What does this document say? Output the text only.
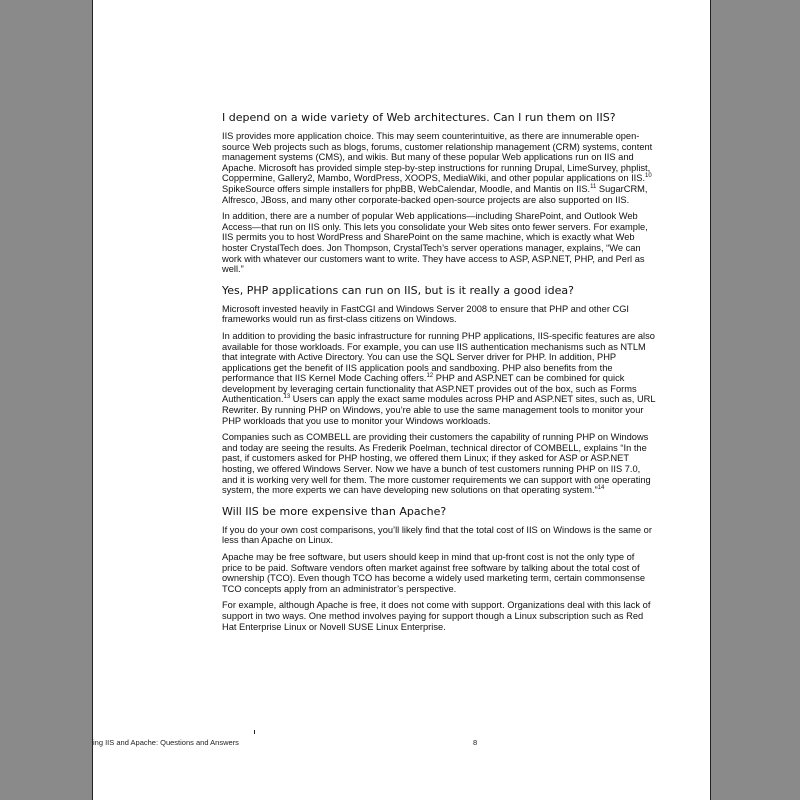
I depend on a wide variety of Web architectures. Can I run them on IIS?

IIS provides more application choice. This may seem counterintuitive, as there are innumerable open-source Web projects such as blogs, forums, customer relationship management (CRM) systems, content management systems (CMS), and wikis. But many of these popular Web applications run on IIS and Apache. Microsoft has provided simple step-by-step instructions for running Drupal, LimeSurvey, phplist, Coppermine, Gallery2, Mambo, WordPress, XOOPS, MediaWiki, and other popular applications on IIS.$^{10}$ SpikeSource offers simple installers for phpBB, WebCalendar, Moodle, and Mantis on IIS.$^{11}$ SugarCRM, Alfresco, JBoss, and many other corporate-backed open-source projects are also supported on IIS.

In addition, there are a number of popular Web applications—including SharePoint, and Outlook Web Access—that run on IIS only. This lets you consolidate your Web sites onto fewer servers. For example, IIS permits you to host WordPress and SharePoint on the same machine, which is exactly what Web hoster CrystalTech does. Jon Thompson, CrystalTech’s server operations manager, explains, “We can work with whatever our customers want to write. They have access to ASP, ASP.NET, PHP, and Perl as well.”

Yes, PHP applications can run on IIS, but is it really a good idea?

Microsoft invested heavily in FastCGI and Windows Server 2008 to ensure that PHP and other CGI frameworks would run as first-class citizens on Windows.

In addition to providing the basic infrastructure for running PHP applications, IIS-specific features are also available for those workloads. For example, you can use IIS authentication mechanisms such as NTLM that integrate with Active Directory. You can use the SQL Server driver for PHP. In addition, PHP applications get the benefit of IIS application pools and sandboxing. PHP also benefits from the performance that IIS Kernel Mode Caching offers.$^{12}$ PHP and ASP.NET can be combined for quick development by leveraging certain functionality that ASP.NET provides out of the box, such as Forms Authentication.$^{13}$ Users can apply the exact same modules across PHP and ASP.NET sites, such as, URL Rewriter. By running PHP on Windows, you’re able to use the same management tools to monitor your PHP workloads that you use to monitor your Windows workloads.

Companies such as COMBELL are providing their customers the capability of running PHP on Windows and today are seeing the results. As Frederik Poelman, technical director of COMBELL, explains “In the past, if customers asked for PHP hosting, we offered them Linux; if they asked for ASP or ASP.NET hosting, we offered Windows Server. Now we have a bunch of test customers running PHP on IIS 7.0, and it is working very well for them. The more customer requirements we can support with one operating system, the more experts we can have developing new solutions on that operating system.”$^{14}$

Will IIS be more expensive than Apache?

If you do your own cost comparisons, you’ll likely find that the total cost of IIS on Windows is the same or less than Apache on Linux.

Apache may be free software, but users should keep in mind that up-front cost is not the only type of price to be paid. Software vendors often market against free software by talking about the total cost of ownership (TCO). Even though TCO has become a widely used marketing term, certain commonsense TCO concepts apply from an administrator’s perspective.

For example, although Apache is free, it does not come with support. Organizations deal with this lack of support in two ways. One method involves paying for support though a Linux subscription such as Red Hat Enterprise Linux or Novell SUSE Linux Enterprise.

ing IIS and Apache: Questions and Answers	8
